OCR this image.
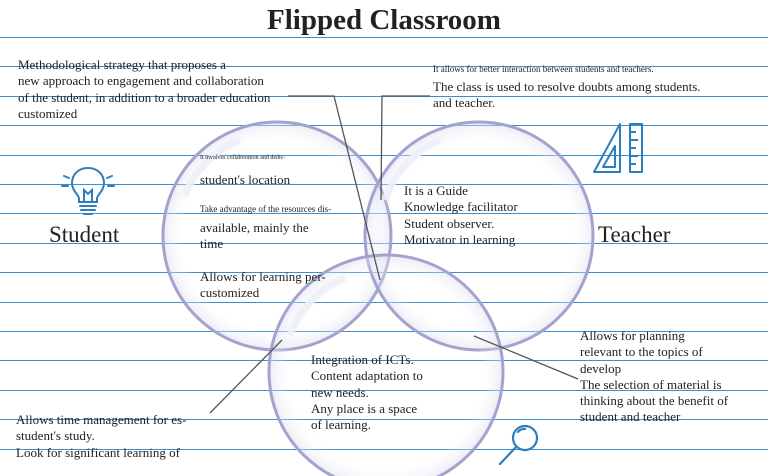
Flipped Classroom
Methodological strategy that proposes a
new approach to engagement and collaboration
of the student, in addition to a broader education
customized
It allows for better interaction between students and teachers.
The class is used to resolve doubts among students.
and teacher.
Student	Teacher
It involves collaboration and dedic-
student's location
Take advantage of the resources dis-
available, mainly the
time
Allows for learning per-
customized
It is a Guide
Knowledge facilitator
Student observer.
Motivator in learning
Integration of ICTs.
Content adaptation to
new needs.
Any place is a space
of learning.
Allows for planning
relevant to the topics of
develop
The selection of material is
thinking about the benefit of
student and teacher
Allows time management for es-
student's study.
Look for significant learning of
